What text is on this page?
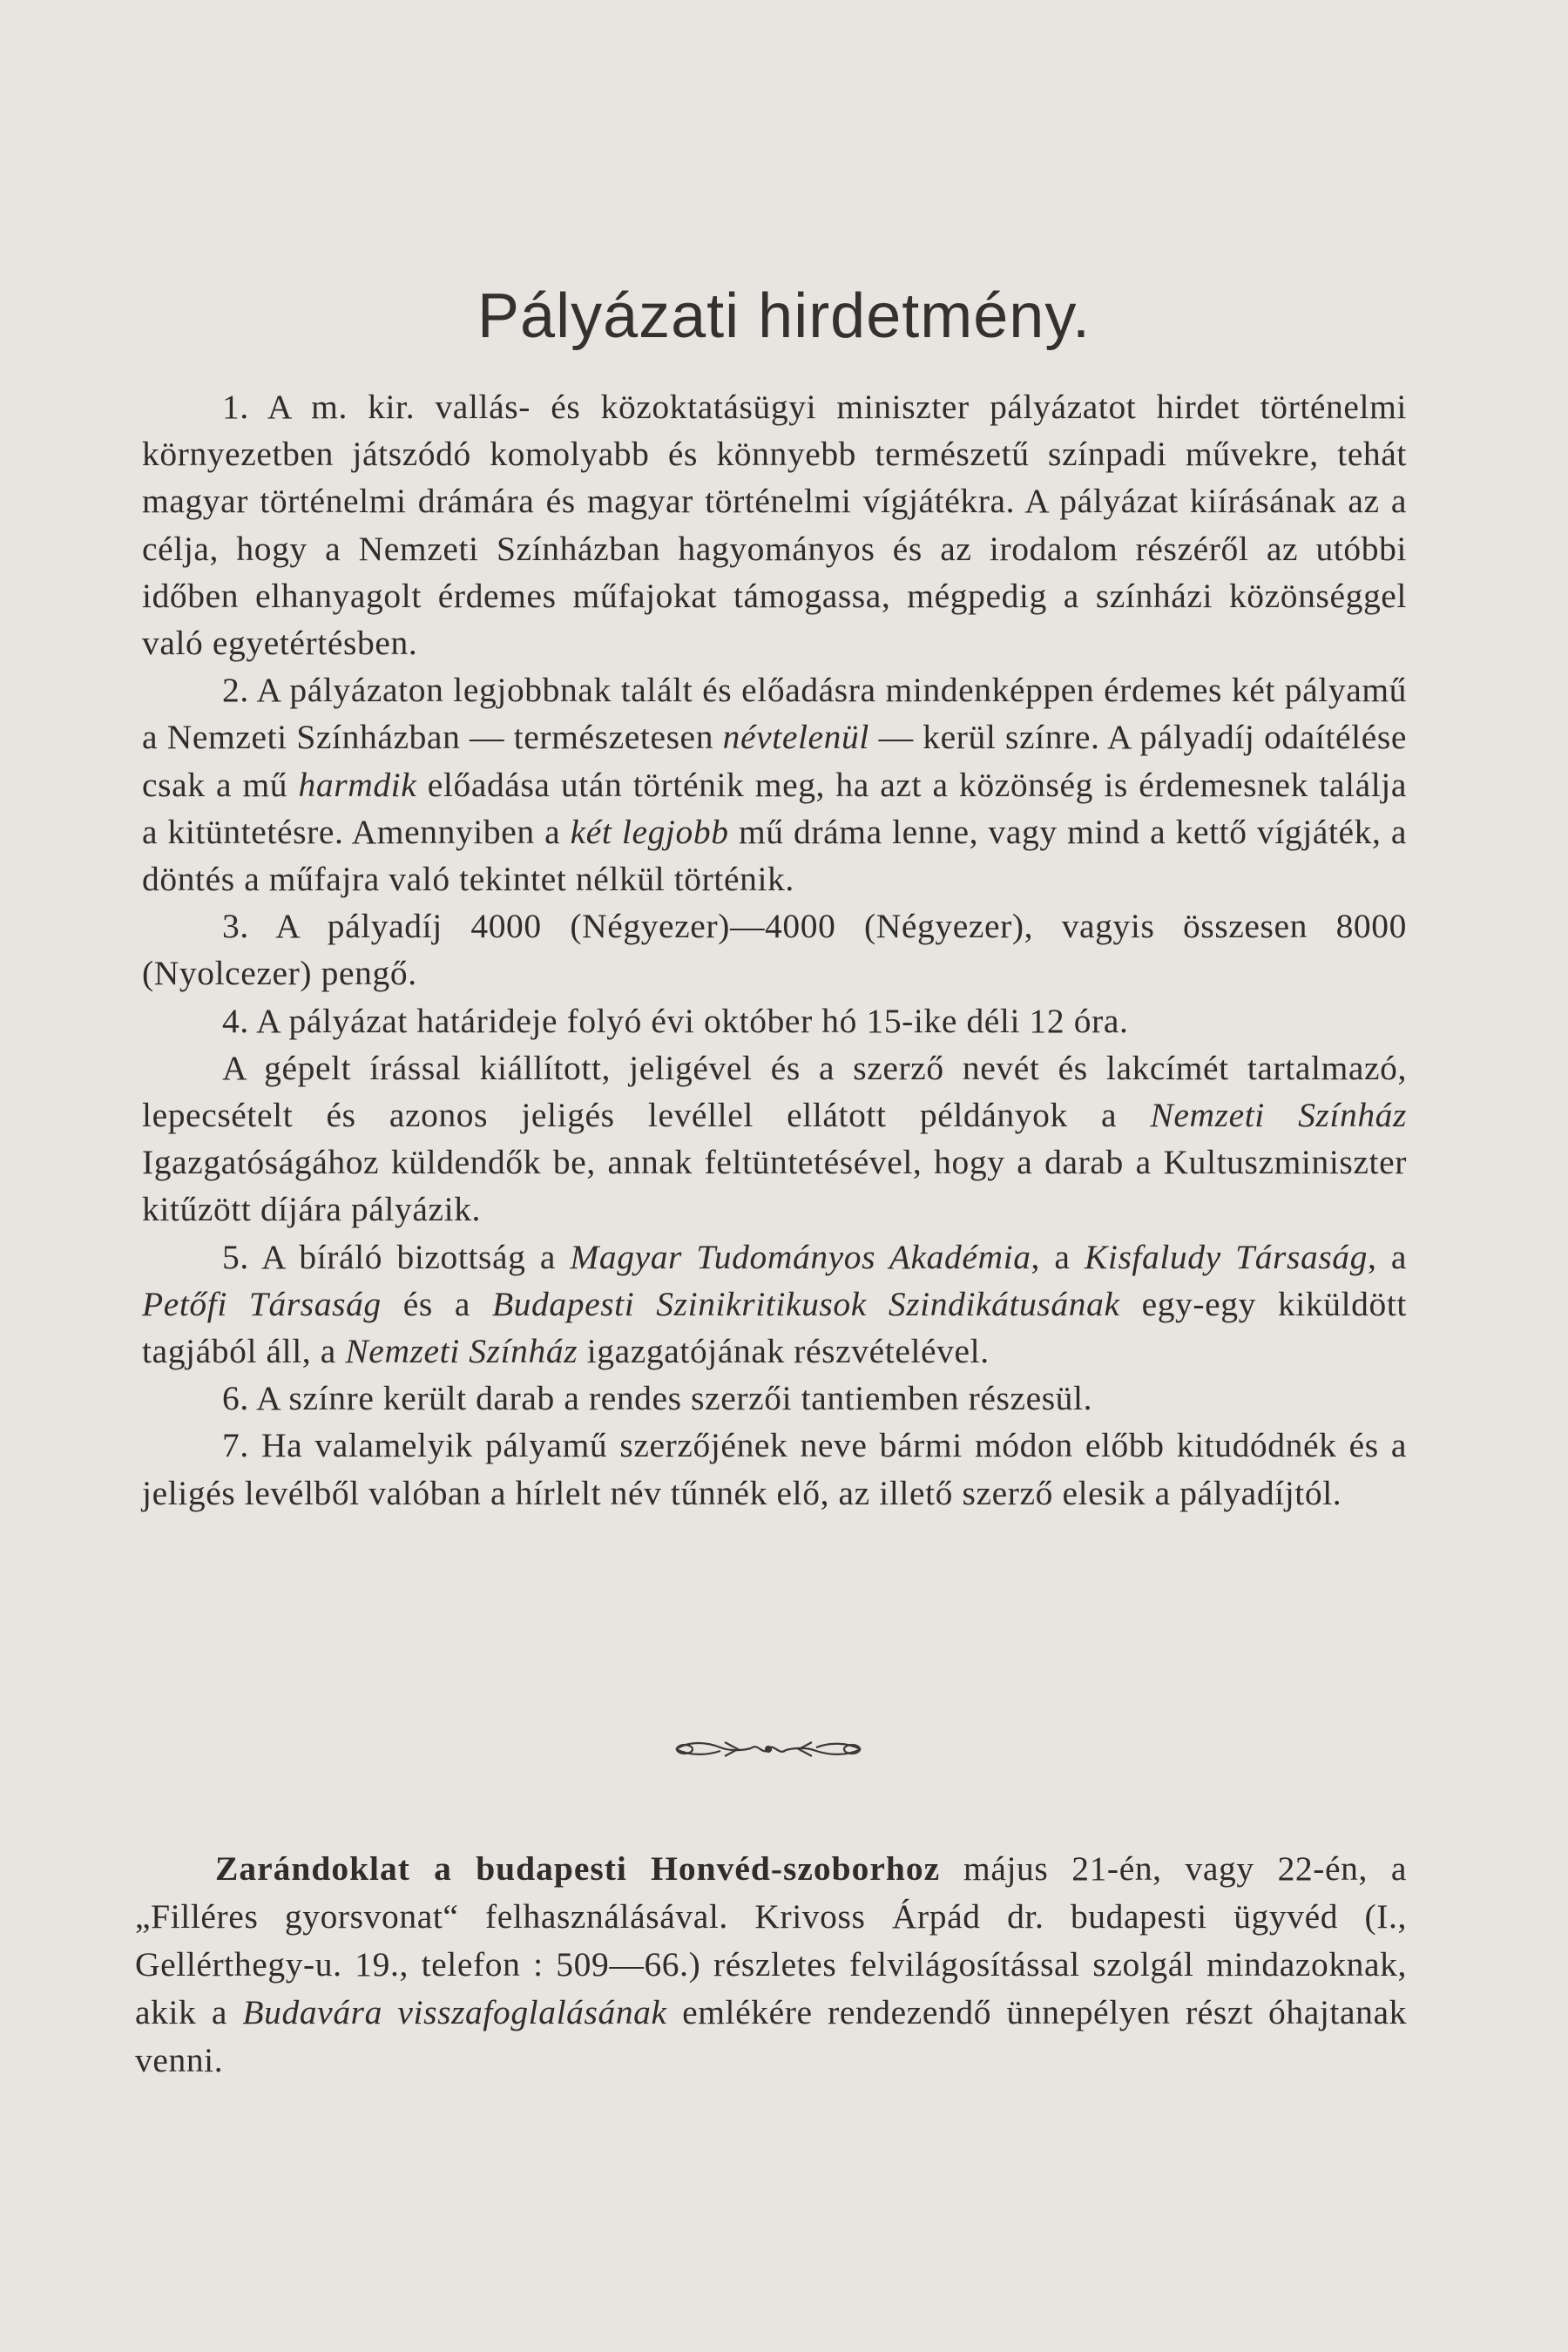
Pályázati hirdetmény.

1. A m. kir. vallás- és közoktatásügyi miniszter pályázatot hirdet történelmi környezetben játszódó komolyabb és könnyebb természetű színpadi művekre, tehát magyar történelmi drámára és magyar történelmi vígjátékra. A pályázat kiírásának az a célja, hogy a Nemzeti Színházban hagyományos és az irodalom részéről az utóbbi időben elhanyagolt érdemes műfajokat támogassa, mégpedig a színházi közönséggel való egyetértésben.

2. A pályázaton legjobbnak talált és előadásra mindenképpen érdemes két pályamű a Nemzeti Színházban — természetesen névtelenül — kerül színre. A pályadíj odaítélése csak a mű harmdik előadása után történik meg, ha azt a közönség is érdemesnek találja a kitüntetésre. Amennyiben a két legjobb mű dráma lenne, vagy mind a kettő vígjáték, a döntés a műfajra való tekintet nélkül történik.

3. A pályadíj 4000 (Négyezer)—4000 (Négyezer), vagyis összesen 8000 (Nyolcezer) pengő.

4. A pályázat határideje folyó évi október hó 15-ike déli 12 óra.

A gépelt írással kiállított, jeligével és a szerző nevét és lakcímét tartalmazó, lepecsételt és azonos jeligés levéllel ellátott példányok a Nemzeti Színház Igazgatóságához küldendők be, annak feltüntetésével, hogy a darab a Kultuszminiszter kitűzött díjára pályázik.

5. A bíráló bizottság a Magyar Tudományos Akadémia, a Kisfaludy Társaság, a Petőfi Társaság és a Budapesti Szinikritikusok Szindikátusának egy-egy kiküldött tagjából áll, a Nemzeti Színház igazgatójának részvételével.

6. A színre került darab a rendes szerzői tantiemben részesül.

7. Ha valamelyik pályamű szerzőjének neve bármi módon előbb kitudódnék és a jeligés levélből valóban a hírlelt név tűnnék elő, az illető szerző elesik a pályadíjtól.

Zarándoklat a budapesti Honvéd-szoborhoz május 21-én, vagy 22-én, a „Filléres gyorsvonat“ felhasználásával. Krivoss Árpád dr. budapesti ügyvéd (I., Gellérthegy-u. 19., telefon : 509—66.) részletes felvilágosítással szolgál mindazoknak, akik a Budavára visszafoglalásának emlékére rendezendő ünnepélyen részt óhajtanak venni.
